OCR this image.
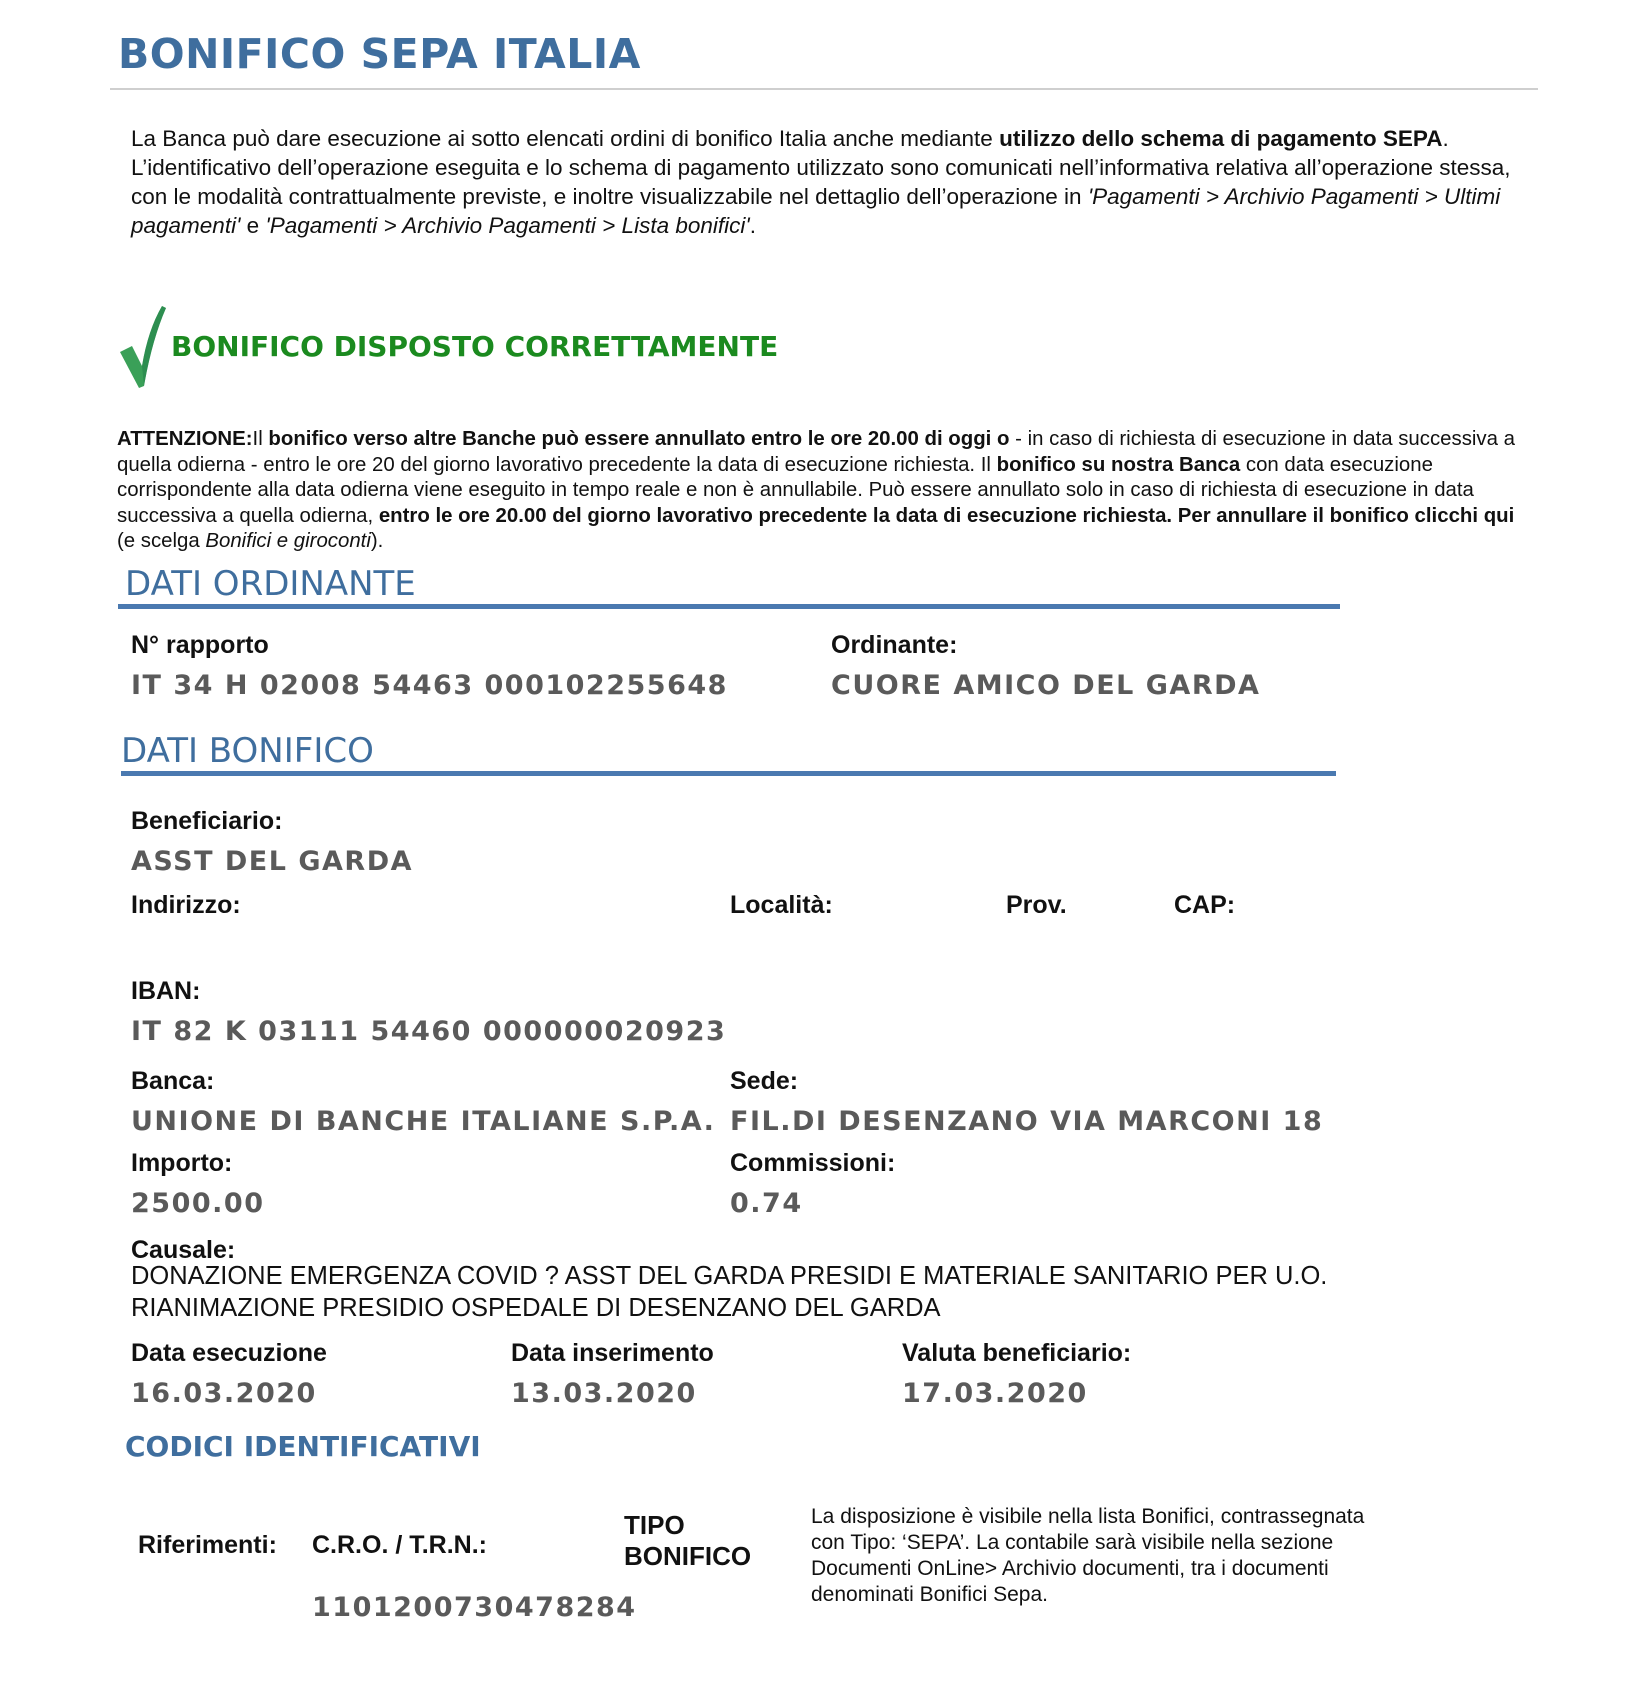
BONIFICO SEPA ITALIA
La Banca può dare esecuzione ai sotto elencati ordini di bonifico Italia anche mediante utilizzo dello schema di pagamento SEPA. L’identificativo dell’operazione eseguita e lo schema di pagamento utilizzato sono comunicati nell’informativa relativa all’operazione stessa, con le modalità contrattualmente previste, e inoltre visualizzabile nel dettaglio dell’operazione in 'Pagamenti > Archivio Pagamenti > Ultimi pagamenti' e 'Pagamenti > Archivio Pagamenti > Lista bonifici'.
BONIFICO DISPOSTO CORRETTAMENTE
ATTENZIONE:Il bonifico verso altre Banche può essere annullato entro le ore 20.00 di oggi o - in caso di richiesta di esecuzione in data successiva a quella odierna - entro le ore 20 del giorno lavorativo precedente la data di esecuzione richiesta. Il bonifico su nostra Banca con data esecuzione corrispondente alla data odierna viene eseguito in tempo reale e non è annullabile. Può essere annullato solo in caso di richiesta di esecuzione in data successiva a quella odierna, entro le ore 20.00 del giorno lavorativo precedente la data di esecuzione richiesta. Per annullare il bonifico clicchi qui (e scelga Bonifici e giroconti).
DATI ORDINANTE
N° rapporto
IT 34 H 02008 54463 000102255648
Ordinante:
CUORE AMICO DEL GARDA
DATI BONIFICO
Beneficiario:
ASST DEL GARDA
Indirizzo:	Località:	Prov.	CAP:
IBAN:
IT 82 K 03111 54460 000000020923
Banca:
UNIONE DI BANCHE ITALIANE S.P.A.
Sede:
FIL.DI DESENZANO VIA MARCONI 18
Importo:
2500.00
Commissioni:
0.74
Causale:
DONAZIONE EMERGENZA COVID ? ASST DEL GARDA PRESIDI E MATERIALE SANITARIO PER U.O. RIANIMAZIONE PRESIDIO OSPEDALE DI DESENZANO DEL GARDA
Data esecuzione
16.03.2020
Data inserimento
13.03.2020
Valuta beneficiario:
17.03.2020
CODICI IDENTIFICATIVI
Riferimenti: C.R.O. / T.R.N.:
1101200730478284
TIPO BONIFICO
La disposizione è visibile nella lista Bonifici, contrassegnata con Tipo: ‘SEPA’. La contabile sarà visibile nella sezione Documenti OnLine> Archivio documenti, tra i documenti denominati Bonifici Sepa.
